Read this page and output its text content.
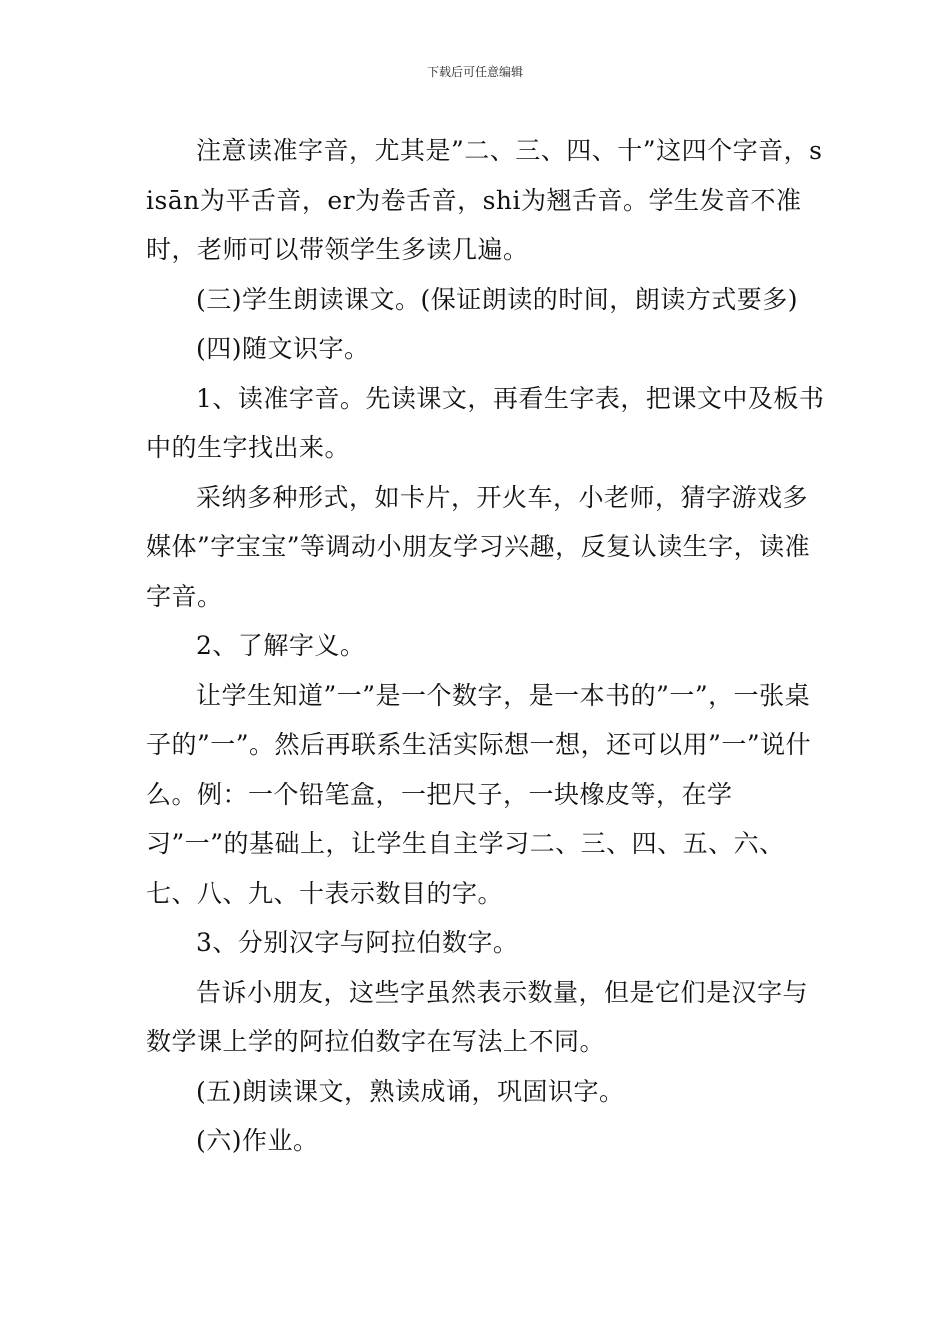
下载后可任意编辑

注意读准字音，尤其是”二、三、四、十”这四个字音，sisān为平舌音，er为卷舌音，shi为翘舌音。学生发音不准时，老师可以带领学生多读几遍。

(三)学生朗读课文。(保证朗读的时间，朗读方式要多)

(四)随文识字。

1、读准字音。先读课文，再看生字表，把课文中及板书中的生字找出来。

采纳多种形式，如卡片，开火车，小老师，猜字游戏多媒体”字宝宝”等调动小朋友学习兴趣，反复认读生字，读准字音。

2、了解字义。

让学生知道”一”是一个数字，是一本书的”一”，一张桌子的”一”。然后再联系生活实际想一想，还可以用”一”说什么。例：一个铅笔盒，一把尺子，一块橡皮等，在学习”一”的基础上，让学生自主学习二、三、四、五、六、七、八、九、十表示数目的字。

3、分别汉字与阿拉伯数字。

告诉小朋友，这些字虽然表示数量，但是它们是汉字与数学课上学的阿拉伯数字在写法上不同。

(五)朗读课文，熟读成诵，巩固识字。

(六)作业。
